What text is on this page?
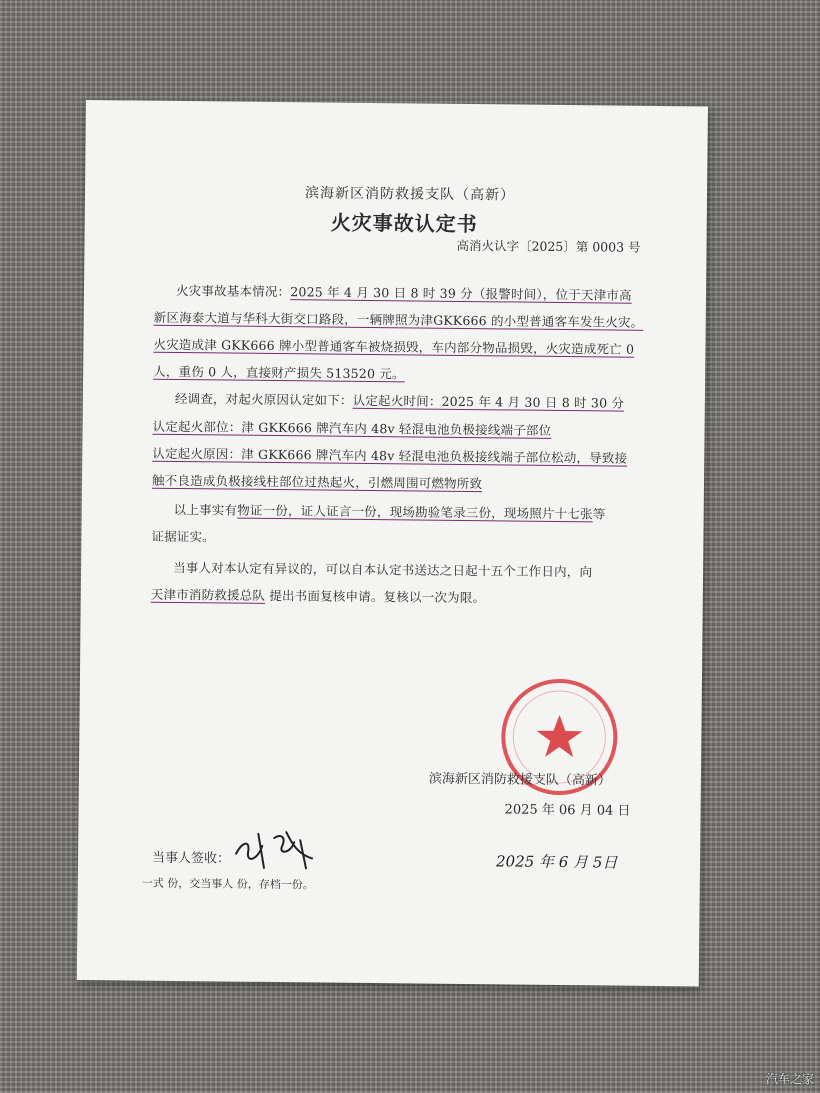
滨海新区消防救援支队（高新）
火灾事故认定书
高消火认字〔2025〕第 0003 号
火灾事故基本情况：2025 年 4 月 30 日 8 时 39 分（报警时间），位于天津市高
新区海泰大道与华科大街交口路段，一辆牌照为津GKK666 的小型普通客车发生火灾。
火灾造成津 GKK666 牌小型普通客车被烧损毁，车内部分物品损毁，火灾造成死亡 0
人，重伤 0 人，直接财产损失 513520 元。
经调查，对起火原因认定如下：认定起火时间：2025 年 4 月 30 日 8 时 30 分
认定起火部位：津 GKK666 牌汽车内 48v 轻混电池负极接线端子部位
认定起火原因：津 GKK666 牌汽车内 48v 轻混电池负极接线端子部位松动，导致接
触不良造成负极接线柱部位过热起火，引燃周围可燃物所致
以上事实有物证一份，证人证言一份，现场勘验笔录三份，现场照片十七张等
证据证实。
当事人对本认定有异议的，可以自本认定书送达之日起十五个工作日内，向
天津市消防救援总队 提出书面复核申请。复核以一次为限。
滨海新区消防救援支队（高新）
2025 年 06 月 04 日
当事人签收：	2025 年 6 月 5日
一式 份，交当事人 份，存档一份。
汽车之家
